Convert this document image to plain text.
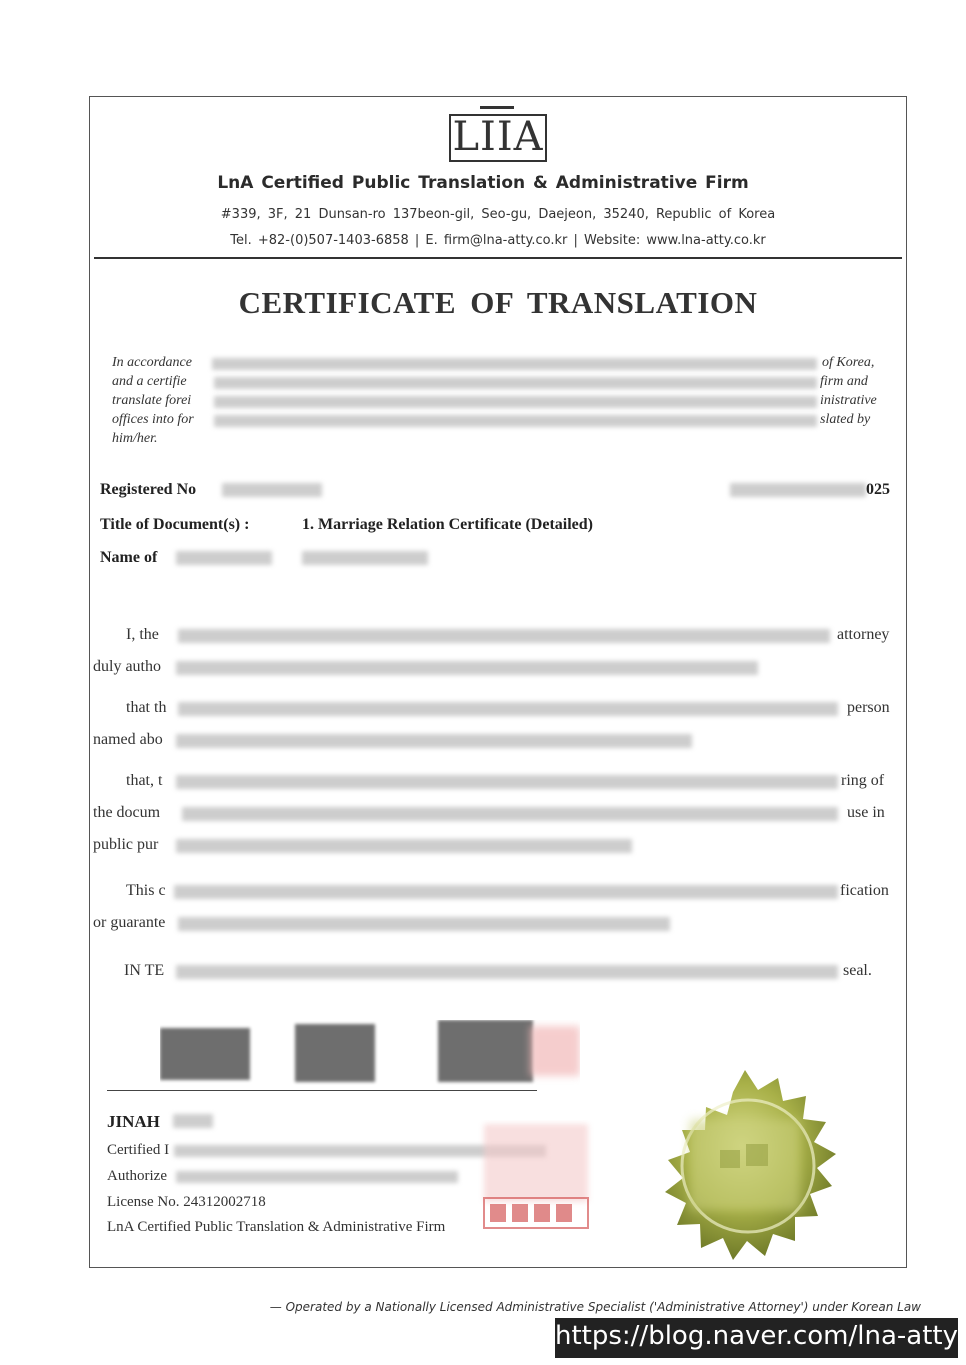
LIIA
LnA Certified Public Translation & Administrative Firm
#339, 3F, 21 Dunsan-ro 137beon-gil, Seo-gu, Daejeon, 35240, Republic of Korea
Tel. +82-(0)507-1403-6858 | E. firm@lna-atty.co.kr | Website: www.lna-atty.co.kr
CERTIFICATE OF TRANSLATION
In accordance	of Korea,
and a certifie	firm and
translate forei	inistrative
offices into for	slated by
him/her.
Registered No	025
Title of Document(s) :	1. Marriage Relation Certificate (Detailed)
Name of
I, the	attorney
duly autho
that th	person
named abo
that, t	ring of
the docum	use in
public pur
This c	fication
or guarante
IN TE	seal.
JINAH
Certified I
Authorize
License No. 24312002718
LnA Certified Public Translation & Administrative Firm
— Operated by a Nationally Licensed Administrative Specialist ('Administrative Attorney') under Korean Law
https://blog.naver.com/lna-atty
